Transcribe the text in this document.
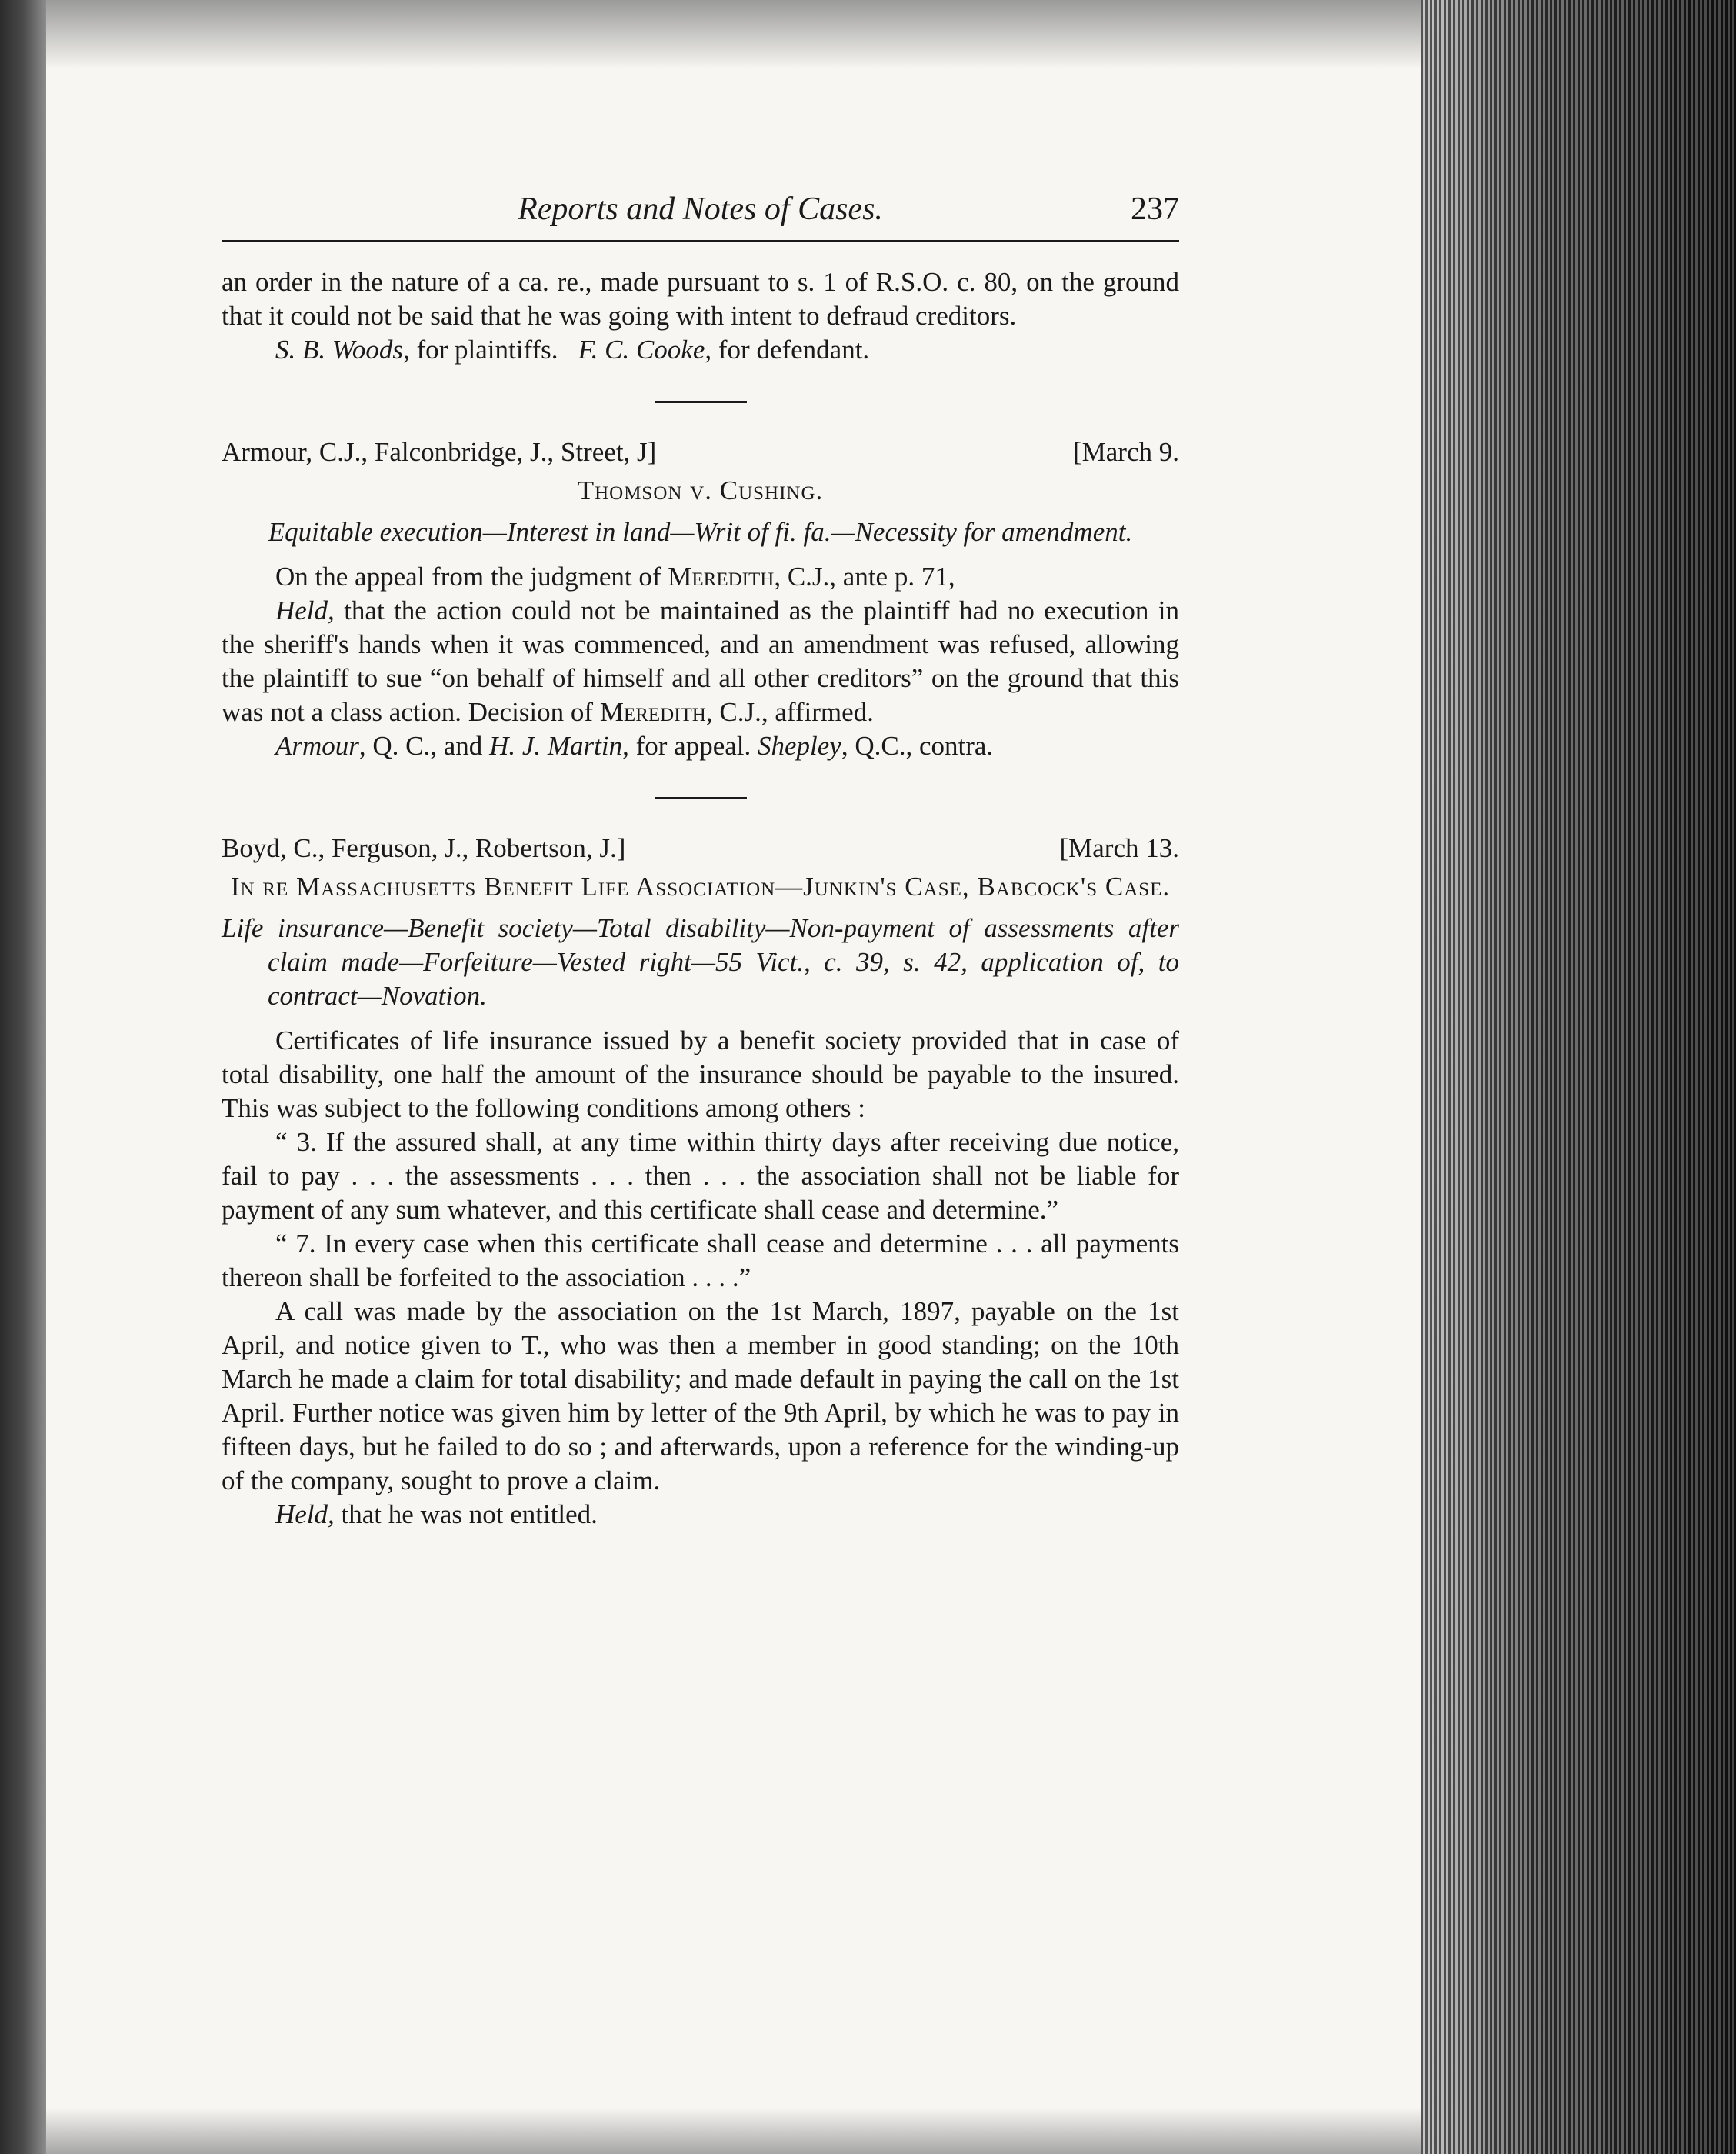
Reports and Notes of Cases.	237

an order in the nature of a ca. re., made pursuant to s. 1 of R.S.O. c. 80, on the ground that it could not be said that he was going with intent to defraud creditors.

S. B. Woods, for plaintiffs. F. C. Cooke, for defendant.

Armour, C.J., Falconbridge, J., Street, J]	[March 9.
Thomson v. Cushing.

Equitable execution—Interest in land—Writ of fi. fa.—Necessity for amendment.

On the appeal from the judgment of Meredith, C.J., ante p. 71,

Held, that the action could not be maintained as the plaintiff had no execution in the sheriff's hands when it was commenced, and an amendment was refused, allowing the plaintiff to sue “on behalf of himself and all other creditors” on the ground that this was not a class action. Decision of Meredith, C.J., affirmed.

Armour, Q. C., and H. J. Martin, for appeal. Shepley, Q.C., contra.

Boyd, C., Ferguson, J., Robertson, J.]	[March 13.
In re Massachusetts Benefit Life Association—Junkin's Case, Babcock's Case.

Life insurance—Benefit society—Total disability—Non-payment of assessments after claim made—Forfeiture—Vested right—55 Vict., c. 39, s. 42, application of, to contract—Novation.

Certificates of life insurance issued by a benefit society provided that in case of total disability, one half the amount of the insurance should be payable to the insured. This was subject to the following conditions among others :

“ 3. If the assured shall, at any time within thirty days after receiving due notice, fail to pay . . . the assessments . . . then . . . the association shall not be liable for payment of any sum whatever, and this certificate shall cease and determine.”

“ 7. In every case when this certificate shall cease and determine . . . all payments thereon shall be forfeited to the association . . . .”

A call was made by the association on the 1st March, 1897, payable on the 1st April, and notice given to T., who was then a member in good standing; on the 10th March he made a claim for total disability; and made default in paying the call on the 1st April. Further notice was given him by letter of the 9th April, by which he was to pay in fifteen days, but he failed to do so ; and afterwards, upon a reference for the winding-up of the company, sought to prove a claim.

Held, that he was not entitled.
